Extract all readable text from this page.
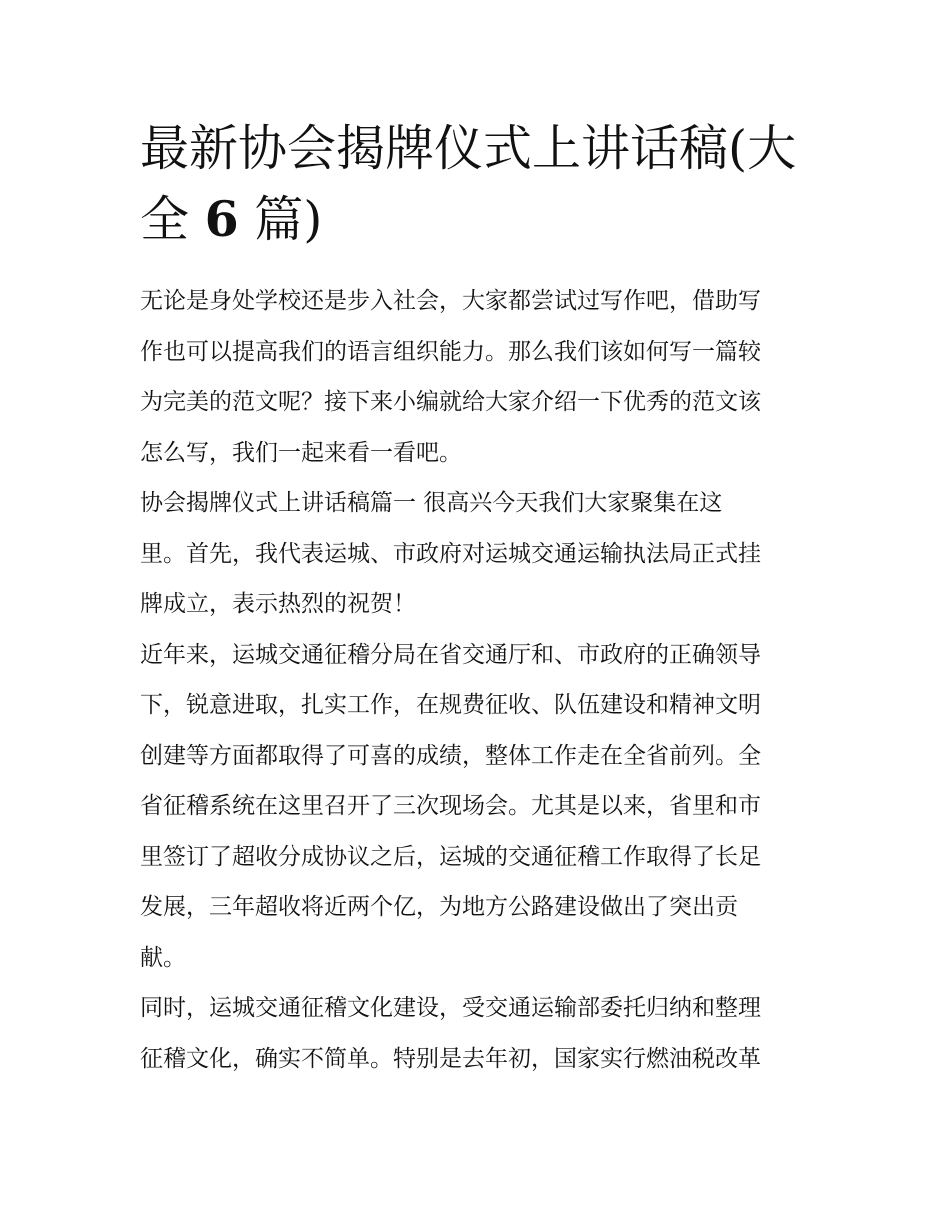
最新协会揭牌仪式上讲话稿(大
全 6 篇)
无论是身处学校还是步入社会，大家都尝试过写作吧，借助写
作也可以提高我们的语言组织能力。那么我们该如何写一篇较
为完美的范文呢？接下来小编就给大家介绍一下优秀的范文该
怎么写，我们一起来看一看吧。
协会揭牌仪式上讲话稿篇一 很高兴今天我们大家聚集在这
里。首先，我代表运城、市政府对运城交通运输执法局正式挂
牌成立，表示热烈的祝贺！
近年来，运城交通征稽分局在省交通厅和、市政府的正确领导
下，锐意进取，扎实工作，在规费征收、队伍建设和精神文明
创建等方面都取得了可喜的成绩，整体工作走在全省前列。全
省征稽系统在这里召开了三次现场会。尤其是以来，省里和市
里签订了超收分成协议之后，运城的交通征稽工作取得了长足
发展，三年超收将近两个亿，为地方公路建设做出了突出贡
献。
同时，运城交通征稽文化建设，受交通运输部委托归纳和整理
征稽文化，确实不简单。特别是去年初，国家实行燃油税改革
